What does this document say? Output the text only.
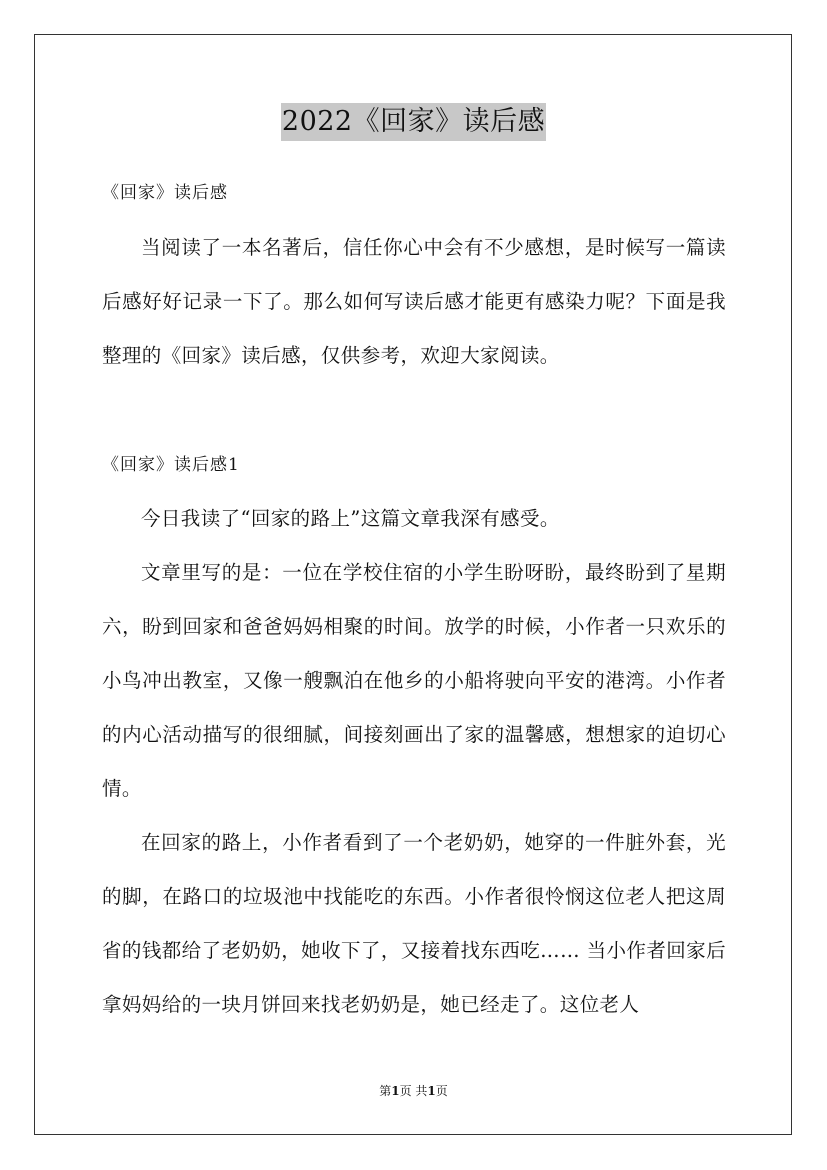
2022《回家》读后感
《回家》读后感
当阅读了一本名著后，信任你心中会有不少感想，是时候写一篇读后感好好记录一下了。那么如何写读后感才能更有感染力呢？下面是我整理的《回家》读后感，仅供参考，欢迎大家阅读。
《回家》读后感1
今日我读了“回家的路上”这篇文章我深有感受。
文章里写的是：一位在学校住宿的小学生盼呀盼，最终盼到了星期六，盼到回家和爸爸妈妈相聚的时间。放学的时候，小作者一只欢乐的小鸟冲出教室，又像一艘飘泊在他乡的小船将驶向平安的港湾。小作者的内心活动描写的很细腻，间接刻画出了家的温馨感，想想家的迫切心情。
在回家的路上，小作者看到了一个老奶奶，她穿的一件脏外套，光的脚，在路口的垃圾池中找能吃的东西。小作者很怜悯这位老人把这周省的钱都给了老奶奶，她收下了，又接着找东西吃…… 当小作者回家后拿妈妈给的一块月饼回来找老奶奶是，她已经走了。这位老人
第1页 共1页
